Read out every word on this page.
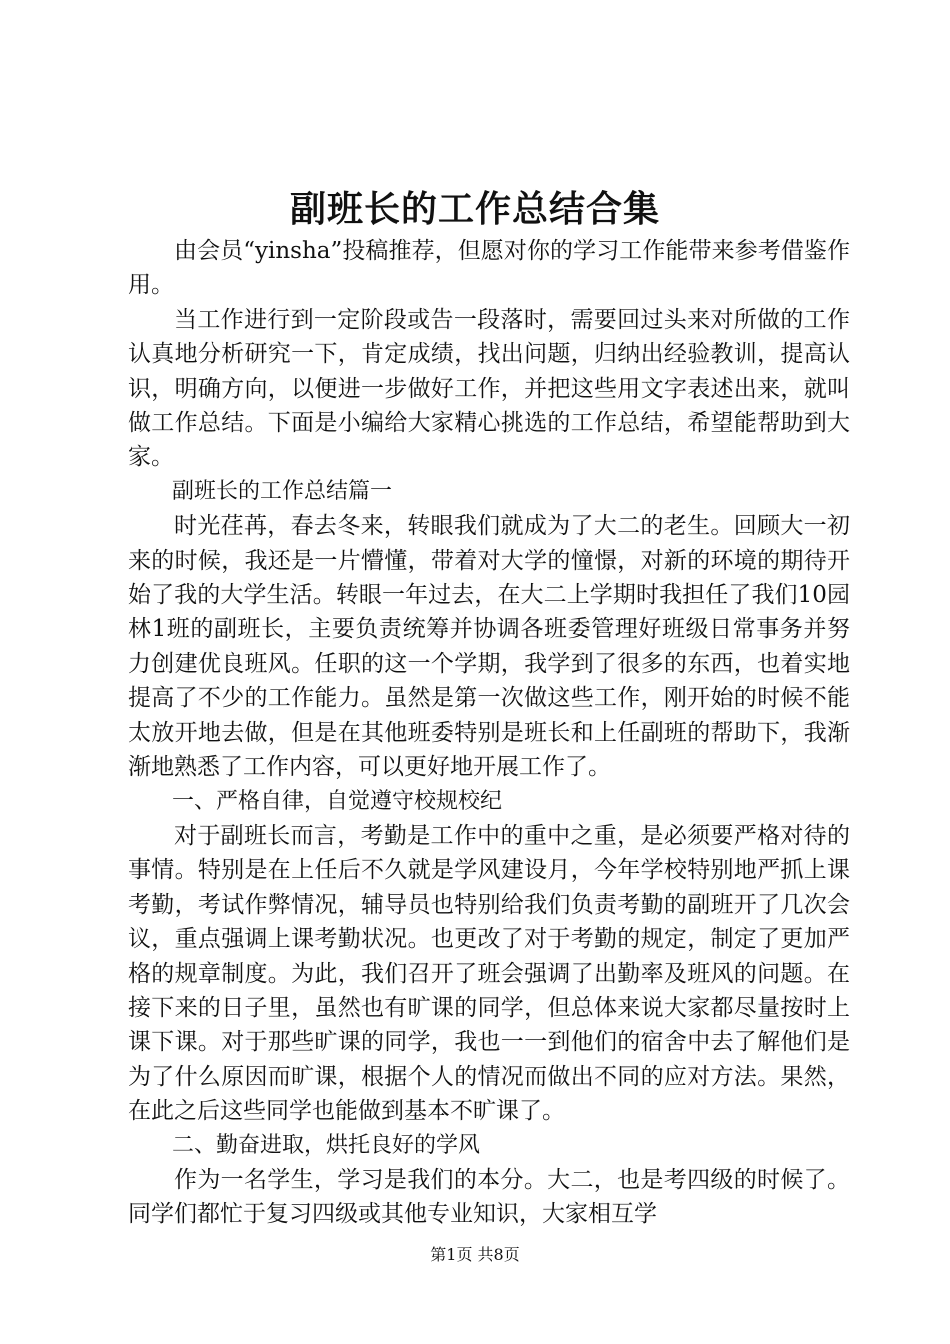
副班长的工作总结合集

由会员“yinsha”投稿推荐，但愿对你的学习工作能带来参考借鉴作用。

当工作进行到一定阶段或告一段落时，需要回过头来对所做的工作认真地分析研究一下，肯定成绩，找出问题，归纳出经验教训，提高认识，明确方向，以便进一步做好工作，并把这些用文字表述出来，就叫做工作总结。下面是小编给大家精心挑选的工作总结，希望能帮助到大家。

副班长的工作总结篇一

时光荏苒，春去冬来，转眼我们就成为了大二的老生。回顾大一初来的时候，我还是一片懵懂，带着对大学的憧憬，对新的环境的期待开始了我的大学生活。转眼一年过去，在大二上学期时我担任了我们10园林1班的副班长，主要负责统筹并协调各班委管理好班级日常事务并努力创建优良班风。任职的这一个学期，我学到了很多的东西，也着实地提高了不少的工作能力。虽然是第一次做这些工作，刚开始的时候不能太放开地去做，但是在其他班委特别是班长和上任副班的帮助下，我渐渐地熟悉了工作内容，可以更好地开展工作了。

一、严格自律，自觉遵守校规校纪

对于副班长而言，考勤是工作中的重中之重，是必须要严格对待的事情。特别是在上任后不久就是学风建设月，今年学校特别地严抓上课考勤，考试作弊情况，辅导员也特别给我们负责考勤的副班开了几次会议，重点强调上课考勤状况。也更改了对于考勤的规定，制定了更加严格的规章制度。为此，我们召开了班会强调了出勤率及班风的问题。在接下来的日子里，虽然也有旷课的同学，但总体来说大家都尽量按时上课下课。对于那些旷课的同学，我也一一到他们的宿舍中去了解他们是为了什么原因而旷课，根据个人的情况而做出不同的应对方法。果然，在此之后这些同学也能做到基本不旷课了。

二、勤奋进取，烘托良好的学风

作为一名学生，学习是我们的本分。大二，也是考四级的时候了。同学们都忙于复习四级或其他专业知识，大家相互学

第1页 共8页
